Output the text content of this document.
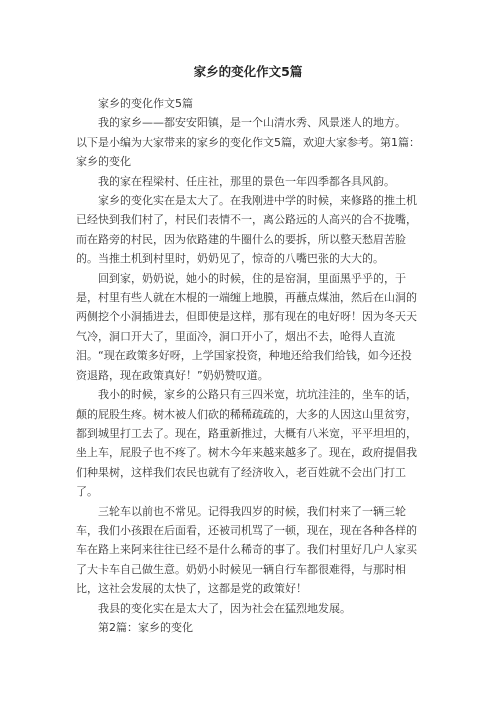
家乡的变化作文5篇

家乡的变化作文5篇

我的家乡——都安安阳镇，是一个山清水秀、风景迷人的地方。

以下是小编为大家带来的家乡的变化作文5篇，欢迎大家参考。第1篇：家乡的变化

我的家在程梁村、任庄社，那里的景色一年四季都各具风韵。

家乡的变化实在是太大了。在我刚进中学的时候，来修路的推土机已经快到我们村了，村民们表情不一，离公路远的人高兴的合不拢嘴，而在路旁的村民，因为依路建的牛圈什么的要拆，所以整天愁眉苦脸的。当推土机到村里时，奶奶见了，惊奇的八嘴巴张的大大的。

回到家，奶奶说，她小的时候，住的是窑洞，里面黑乎乎的，于是，村里有些人就在木棍的一端缠上地膜，再蘸点煤油，然后在山洞的两侧挖个小洞插进去，但即使是这样，那有现在的电好呀！因为冬天天气冷，洞口开大了，里面冷，洞口开小了，烟出不去，呛得人直流泪。“现在政策多好呀，上学国家投资，种地还给我们给钱，如今还投资退路，现在政策真好！”奶奶赞叹道。

我小的时候，家乡的公路只有三四米宽，坑坑洼洼的，坐车的话，颠的屁股生疼。树木被人们砍的稀稀疏疏的，大多的人因这山里贫穷，都到城里打工去了。现在，路重新推过，大概有八米宽，平平坦坦的，坐上车，屁股子也不疼了。树木今年来越来越多了。现在，政府提倡我们种果树，这样我们农民也就有了经济收入，老百姓就不会出门打工了。

三轮车以前也不常见。记得我四岁的时候，我们村来了一辆三轮车，我们小孩跟在后面看，还被司机骂了一顿，现在，现在各种各样的车在路上来阿来往往已经不是什么稀奇的事了。我们村里好几户人家买了大卡车自己做生意。奶奶小时候见一辆自行车都很难得，与那时相比，这社会发展的太快了，这都是党的政策好！

我县的变化实在是太大了，因为社会在猛烈地发展。

第2篇：家乡的变化
